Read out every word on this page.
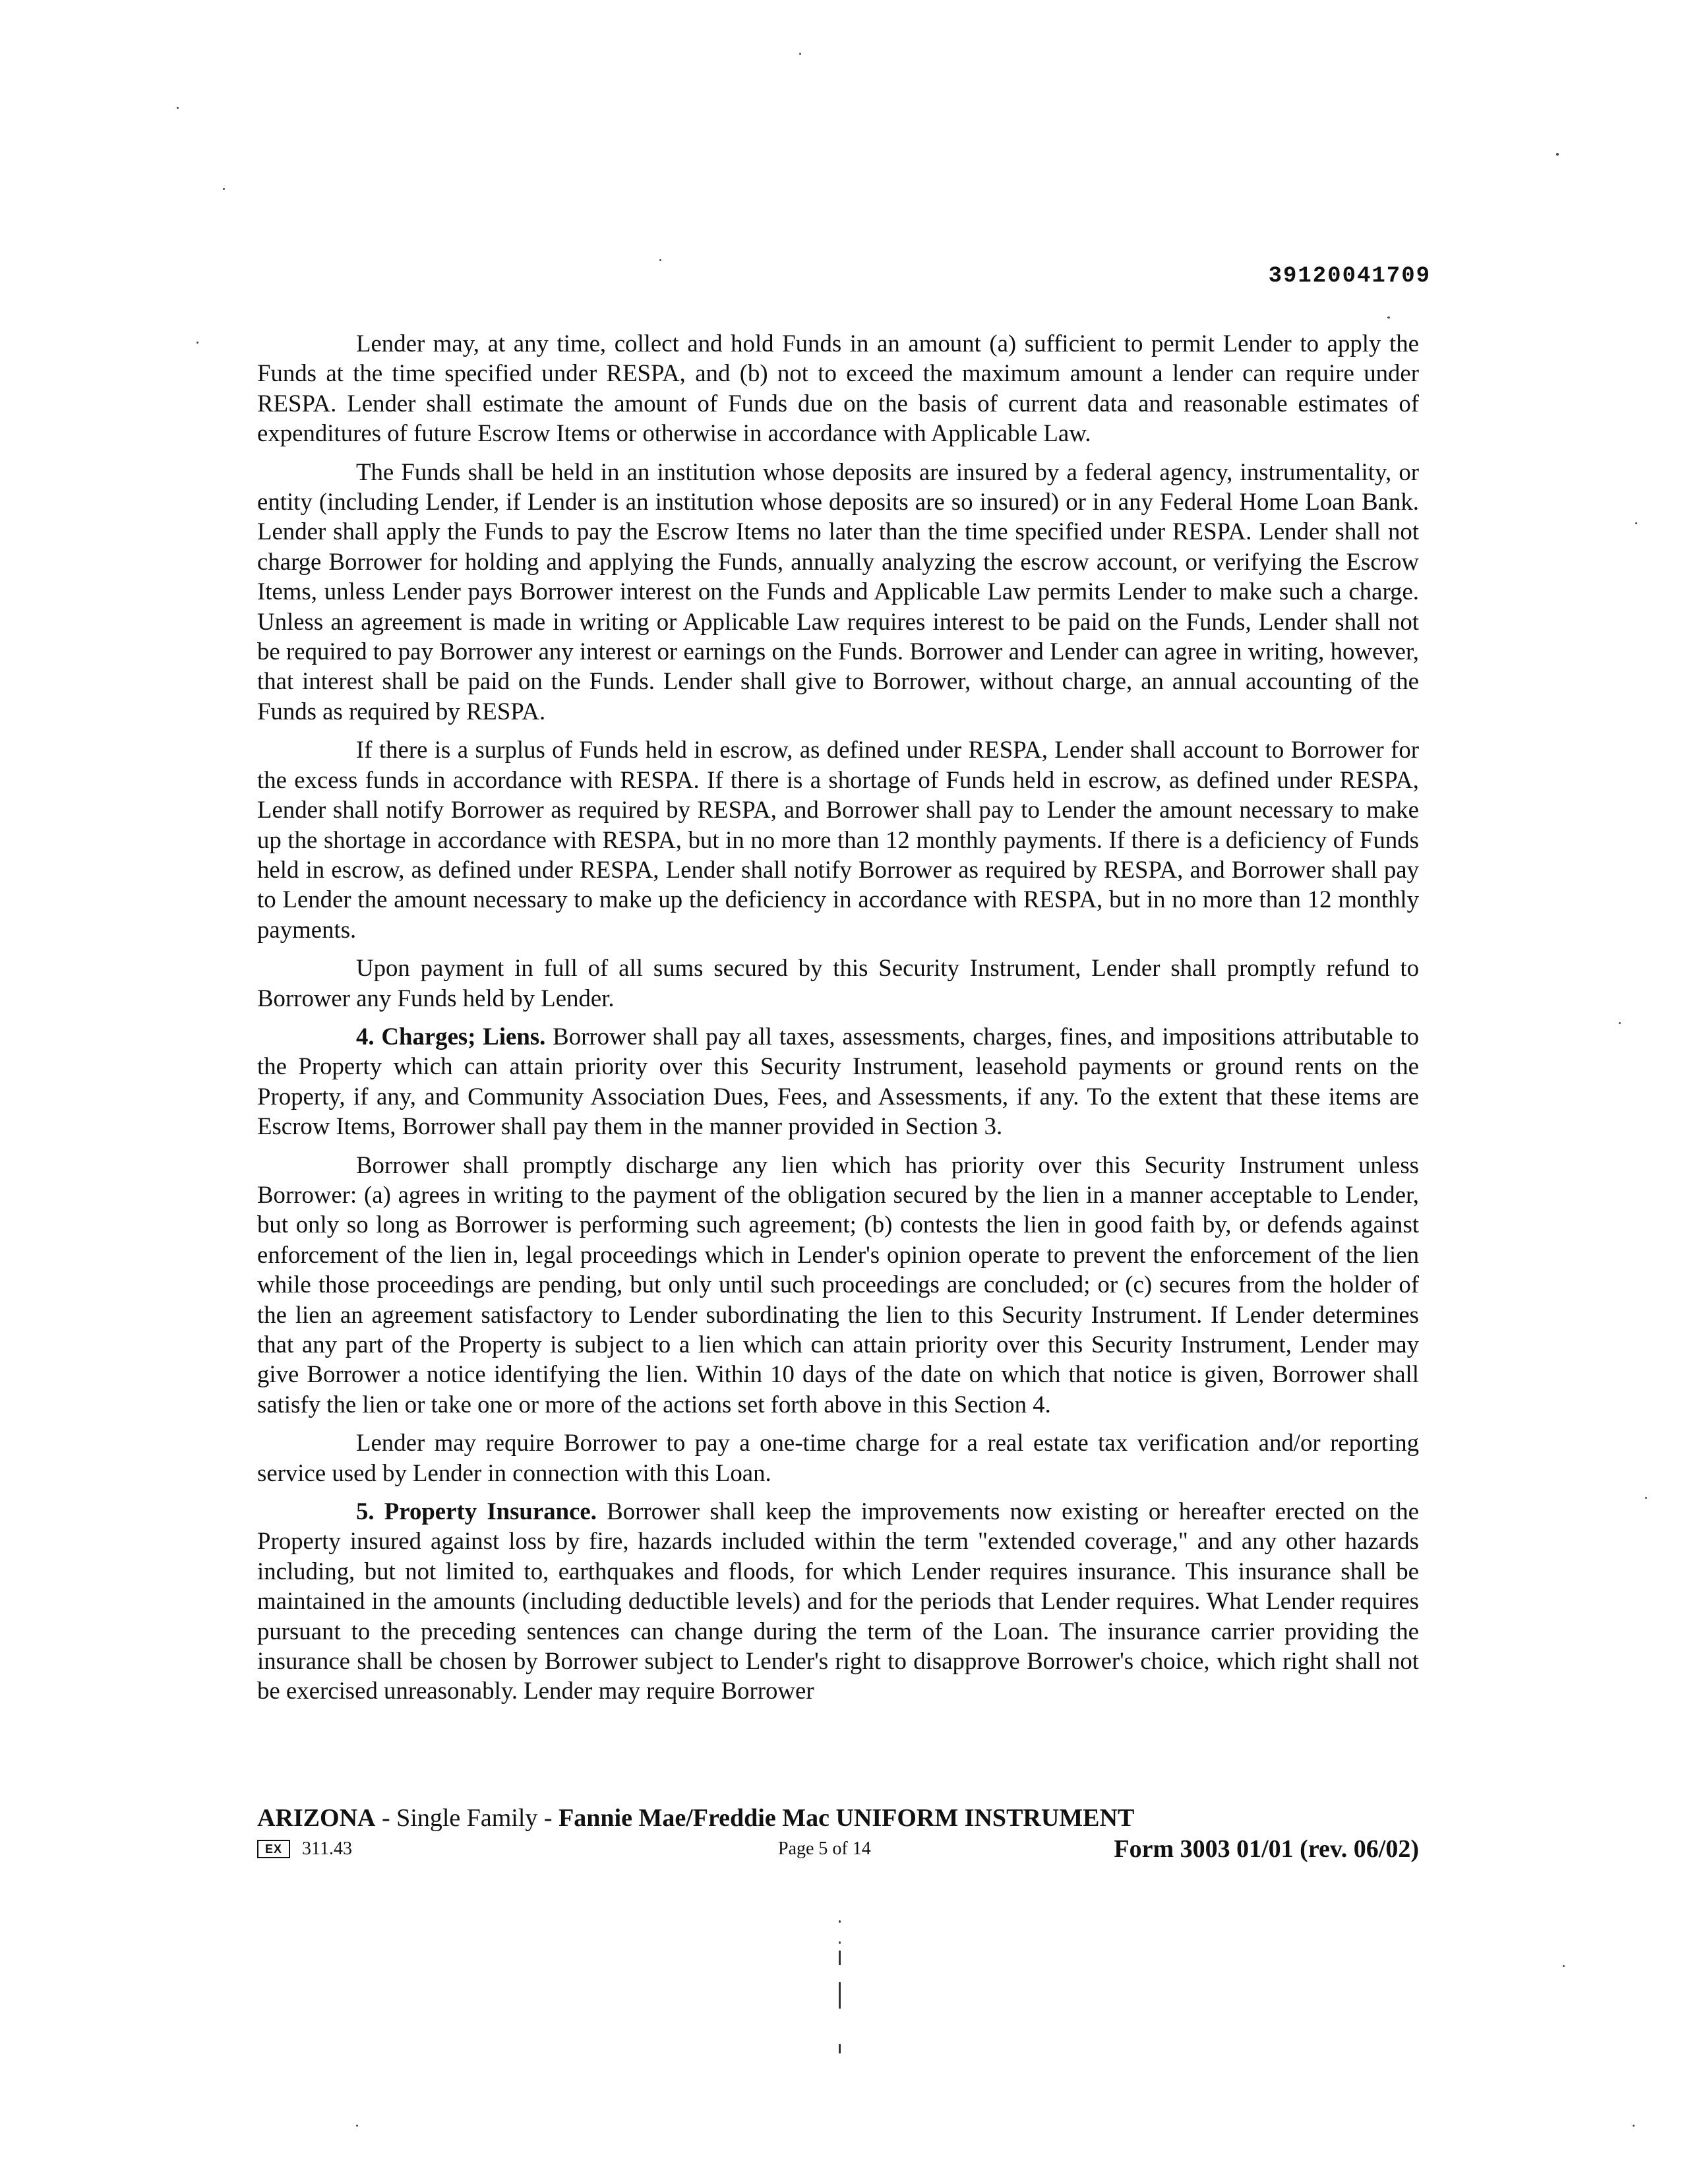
39120041709

Lender may, at any time, collect and hold Funds in an amount (a) sufficient to permit Lender to apply the Funds at the time specified under RESPA, and (b) not to exceed the maximum amount a lender can require under RESPA. Lender shall estimate the amount of Funds due on the basis of current data and reasonable estimates of expenditures of future Escrow Items or otherwise in accordance with Applicable Law.

The Funds shall be held in an institution whose deposits are insured by a federal agency, instrumentality, or entity (including Lender, if Lender is an institution whose deposits are so insured) or in any Federal Home Loan Bank. Lender shall apply the Funds to pay the Escrow Items no later than the time specified under RESPA. Lender shall not charge Borrower for holding and applying the Funds, annually analyzing the escrow account, or verifying the Escrow Items, unless Lender pays Borrower interest on the Funds and Applicable Law permits Lender to make such a charge. Unless an agreement is made in writing or Applicable Law requires interest to be paid on the Funds, Lender shall not be required to pay Borrower any interest or earnings on the Funds. Borrower and Lender can agree in writing, however, that interest shall be paid on the Funds. Lender shall give to Borrower, without charge, an annual accounting of the Funds as required by RESPA.

If there is a surplus of Funds held in escrow, as defined under RESPA, Lender shall account to Borrower for the excess funds in accordance with RESPA. If there is a shortage of Funds held in escrow, as defined under RESPA, Lender shall notify Borrower as required by RESPA, and Borrower shall pay to Lender the amount necessary to make up the shortage in accordance with RESPA, but in no more than 12 monthly payments. If there is a deficiency of Funds held in escrow, as defined under RESPA, Lender shall notify Borrower as required by RESPA, and Borrower shall pay to Lender the amount necessary to make up the deficiency in accordance with RESPA, but in no more than 12 monthly payments.

Upon payment in full of all sums secured by this Security Instrument, Lender shall promptly refund to Borrower any Funds held by Lender.

4. Charges; Liens. Borrower shall pay all taxes, assessments, charges, fines, and impositions attributable to the Property which can attain priority over this Security Instrument, leasehold payments or ground rents on the Property, if any, and Community Association Dues, Fees, and Assessments, if any. To the extent that these items are Escrow Items, Borrower shall pay them in the manner provided in Section 3.

Borrower shall promptly discharge any lien which has priority over this Security Instrument unless Borrower: (a) agrees in writing to the payment of the obligation secured by the lien in a manner acceptable to Lender, but only so long as Borrower is performing such agreement; (b) contests the lien in good faith by, or defends against enforcement of the lien in, legal proceedings which in Lender's opinion operate to prevent the enforcement of the lien while those proceedings are pending, but only until such proceedings are concluded; or (c) secures from the holder of the lien an agreement satisfactory to Lender subordinating the lien to this Security Instrument. If Lender determines that any part of the Property is subject to a lien which can attain priority over this Security Instrument, Lender may give Borrower a notice identifying the lien. Within 10 days of the date on which that notice is given, Borrower shall satisfy the lien or take one or more of the actions set forth above in this Section 4.

Lender may require Borrower to pay a one-time charge for a real estate tax verification and/or reporting service used by Lender in connection with this Loan.

5. Property Insurance. Borrower shall keep the improvements now existing or hereafter erected on the Property insured against loss by fire, hazards included within the term "extended coverage," and any other hazards including, but not limited to, earthquakes and floods, for which Lender requires insurance. This insurance shall be maintained in the amounts (including deductible levels) and for the periods that Lender requires. What Lender requires pursuant to the preceding sentences can change during the term of the Loan. The insurance carrier providing the insurance shall be chosen by Borrower subject to Lender's right to disapprove Borrower's choice, which right shall not be exercised unreasonably. Lender may require Borrower

ARIZONA - Single Family - Fannie Mae/Freddie Mac UNIFORM INSTRUMENT
EX	311.43	Page 5 of 14	Form 3003 01/01 (rev. 06/02)
